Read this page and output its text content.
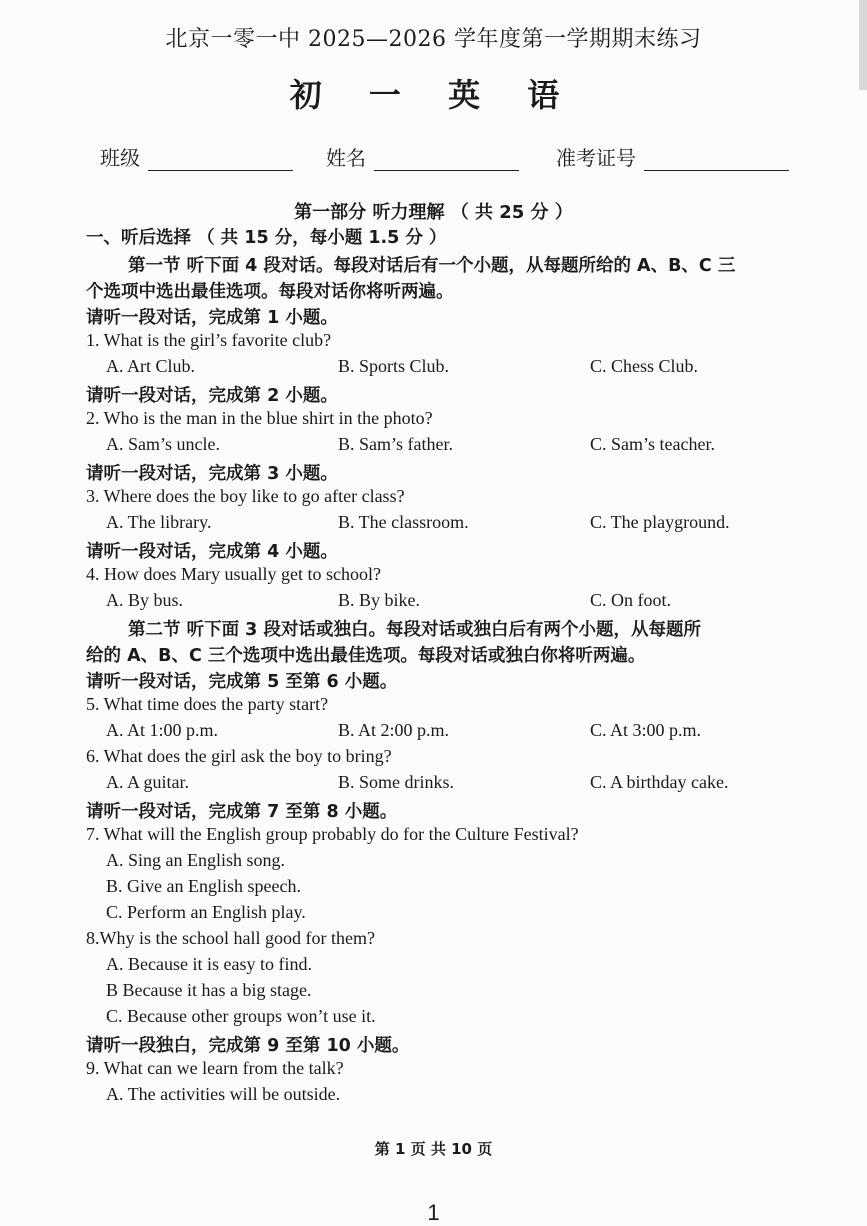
北京一零一中 2025—2026 学年度第一学期期末练习
初 一 英 语
班级	姓名	准考证号
第一部分 听力理解 （ 共 25 分 ）
一、听后选择 （ 共 15 分，每小题 1.5 分 ）
第一节 听下面 4 段对话。每段对话后有一个小题，从每题所给的 A、B、C 三
个选项中选出最佳选项。每段对话你将听两遍。
请听一段对话，完成第 1 小题。
1. What is the girl’s favorite club?
A. Art Club.	B. Sports Club.	C. Chess Club.
请听一段对话，完成第 2 小题。
2. Who is the man in the blue shirt in the photo?
A. Sam’s uncle.	B. Sam’s father.	C. Sam’s teacher.
请听一段对话，完成第 3 小题。
3. Where does the boy like to go after class?
A. The library.	B. The classroom.	C. The playground.
请听一段对话，完成第 4 小题。
4. How does Mary usually get to school?
A. By bus.	B. By bike.	C. On foot.
第二节 听下面 3 段对话或独白。每段对话或独白后有两个小题，从每题所
给的 A、B、C 三个选项中选出最佳选项。每段对话或独白你将听两遍。
请听一段对话，完成第 5 至第 6 小题。
5. What time does the party start?
A. At 1:00 p.m.	B. At 2:00 p.m.	C. At 3:00 p.m.
6. What does the girl ask the boy to bring?
A. A guitar.	B. Some drinks.	C. A birthday cake.
请听一段对话，完成第 7 至第 8 小题。
7. What will the English group probably do for the Culture Festival?
A. Sing an English song.
B. Give an English speech.
C. Perform an English play.
8.Why is the school hall good for them?
A. Because it is easy to find.
B Because it has a big stage.
C. Because other groups won’t use it.
请听一段独白，完成第 9 至第 10 小题。
9. What can we learn from the talk?
A. The activities will be outside.
第 1 页 共 10 页
1
